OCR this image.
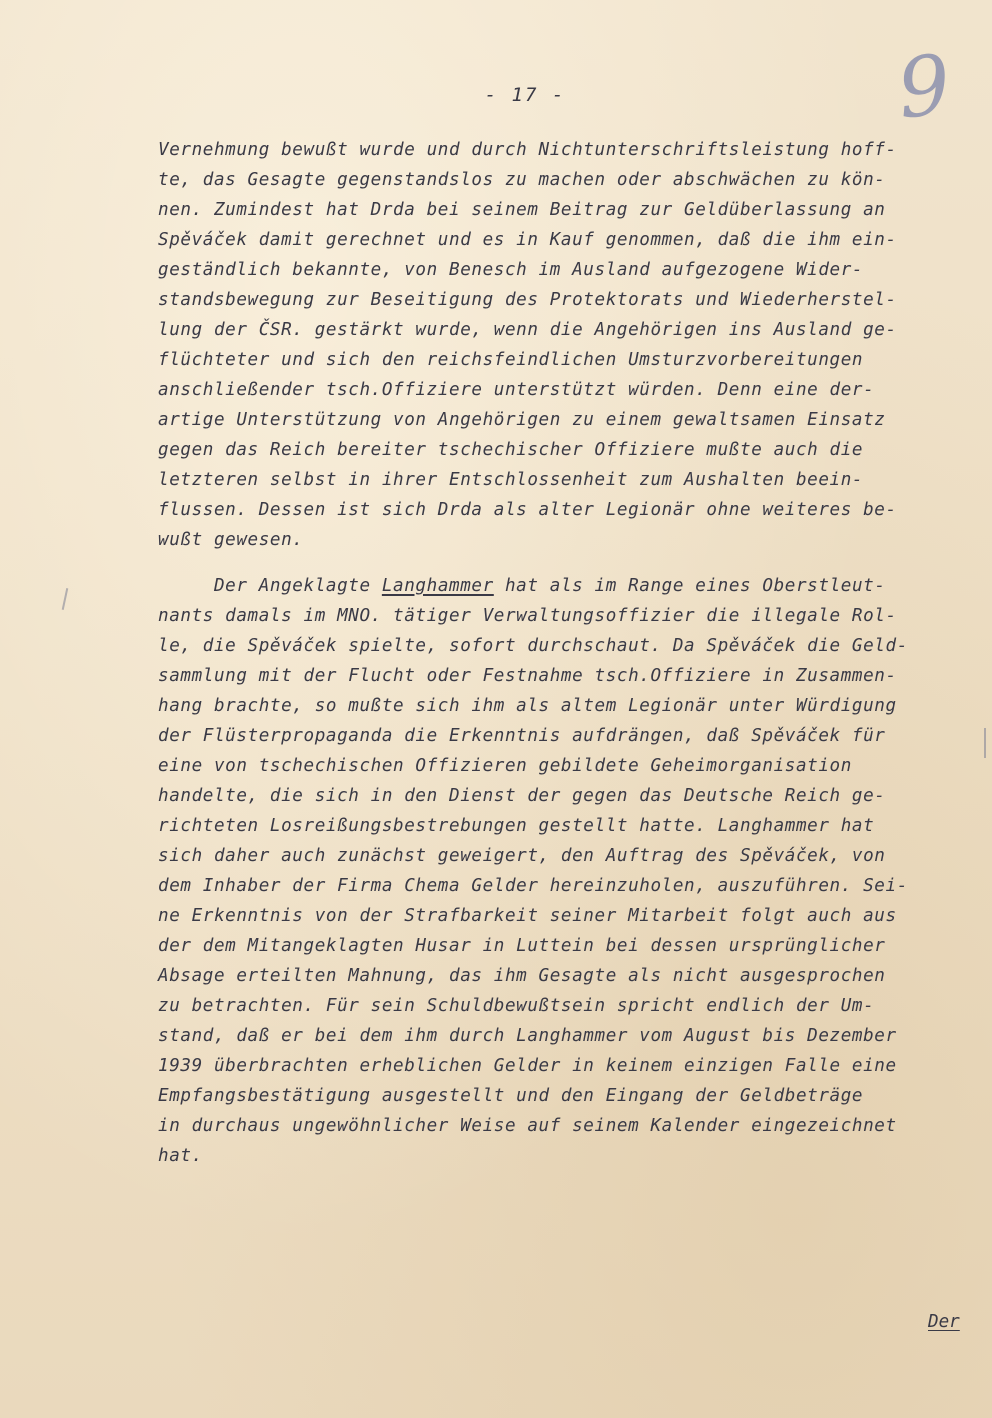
- 17 -	9
Vernehmung bewußt wurde und durch Nichtunterschriftsleistung hoff-
te, das Gesagte gegenstandslos zu machen oder abschwächen zu kön-
nen. Zumindest hat Drda bei seinem Beitrag zur Geldüberlassung an
Spěváček damit gerechnet und es in Kauf genommen, daß die ihm ein-
geständlich bekannte, von Benesch im Ausland aufgezogene Wider-
standsbewegung zur Beseitigung des Protektorats und Wiederherstel-
lung der ČSR. gestärkt wurde, wenn die Angehörigen ins Ausland ge-
flüchteter und sich den reichsfeindlichen Umsturzvorbereitungen
anschließender tsch.Offiziere unterstützt würden. Denn eine der-
artige Unterstützung von Angehörigen zu einem gewaltsamen Einsatz
gegen das Reich bereiter tschechischer Offiziere mußte auch die
letzteren selbst in ihrer Entschlossenheit zum Aushalten beein-
flussen. Dessen ist sich Drda als alter Legionär ohne weiteres be-
wußt gewesen.
Der Angeklagte Langhammer hat als im Range eines Oberstleut-
nants damals im MNO. tätiger Verwaltungsoffizier die illegale Rol-
le, die Spěváček spielte, sofort durchschaut. Da Spěváček die Geld-
sammlung mit der Flucht oder Festnahme tsch.Offiziere in Zusammen-
hang brachte, so mußte sich ihm als altem Legionär unter Würdigung
der Flüsterpropaganda die Erkenntnis aufdrängen, daß Spěváček für
eine von tschechischen Offizieren gebildete Geheimorganisation
handelte, die sich in den Dienst der gegen das Deutsche Reich ge-
richteten Losreißungsbestrebungen gestellt hatte. Langhammer hat
sich daher auch zunächst geweigert, den Auftrag des Spěváček, von
dem Inhaber der Firma Chema Gelder hereinzuholen, auszuführen. Sei-
ne Erkenntnis von der Strafbarkeit seiner Mitarbeit folgt auch aus
der dem Mitangeklagten Husar in Luttein bei dessen ursprünglicher
Absage erteilten Mahnung, das ihm Gesagte als nicht ausgesprochen
zu betrachten. Für sein Schuldbewußtsein spricht endlich der Um-
stand, daß er bei dem ihm durch Langhammer vom August bis Dezember
1939 überbrachten erheblichen Gelder in keinem einzigen Falle eine
Empfangsbestätigung ausgestellt und den Eingang der Geldbeträge
in durchaus ungewöhnlicher Weise auf seinem Kalender eingezeichnet
hat.
Der
